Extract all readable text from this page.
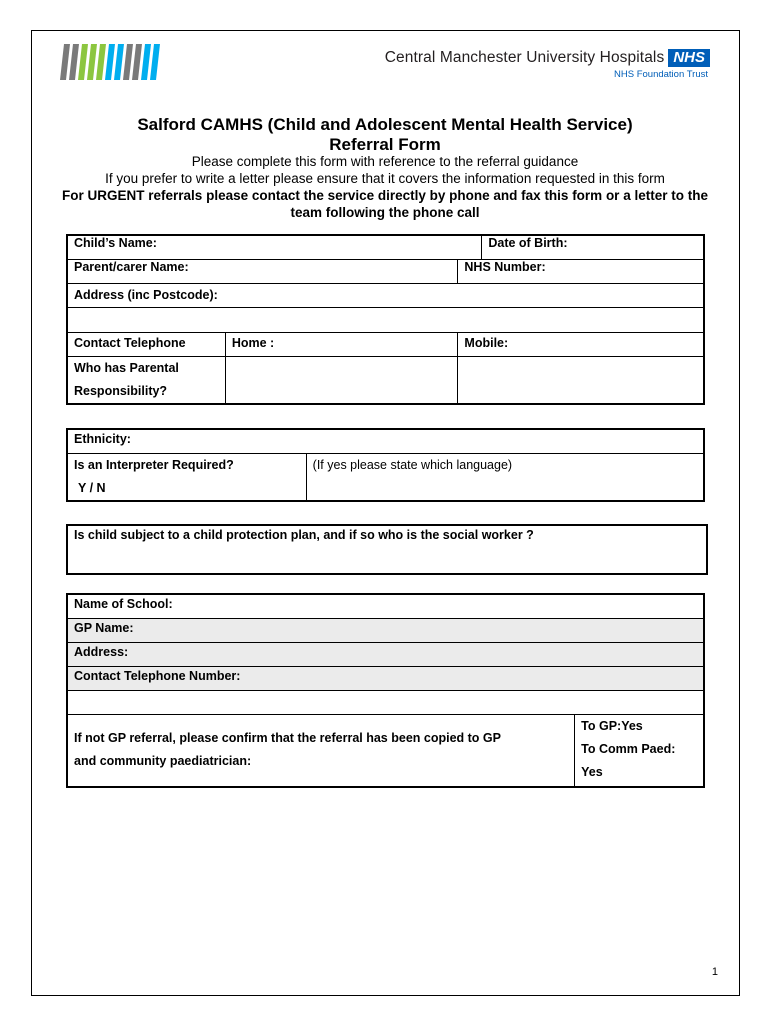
Central Manchester University Hospitals NHS
NHS Foundation Trust
Salford CAMHS (Child and Adolescent Mental Health Service)
Referral Form
Please complete this form with reference to the referral guidance
If you prefer to write a letter please ensure that it covers the information requested in this form
For URGENT referrals please contact the service directly by phone and fax this form or a letter to the team following the phone call
Child’s Name:			Date of Birth:
Parent/carer Name:		NHS Number:	
Address (inc Postcode):			

Contact Telephone	Home :	Mobile:	
Who has Parental
Responsibility?			
Ethnicity:
Is an Interpreter Required?
Y / N	(If yes please state which language)
Is child subject to a child protection plan, and if so who is the social worker ?
Name of School:
GP Name:
Address:
Contact Telephone Number:

If not GP referral, please confirm that the referral has been copied to GP
and community paediatrician:	To GP:Yes
To Comm Paed:
Yes
1
